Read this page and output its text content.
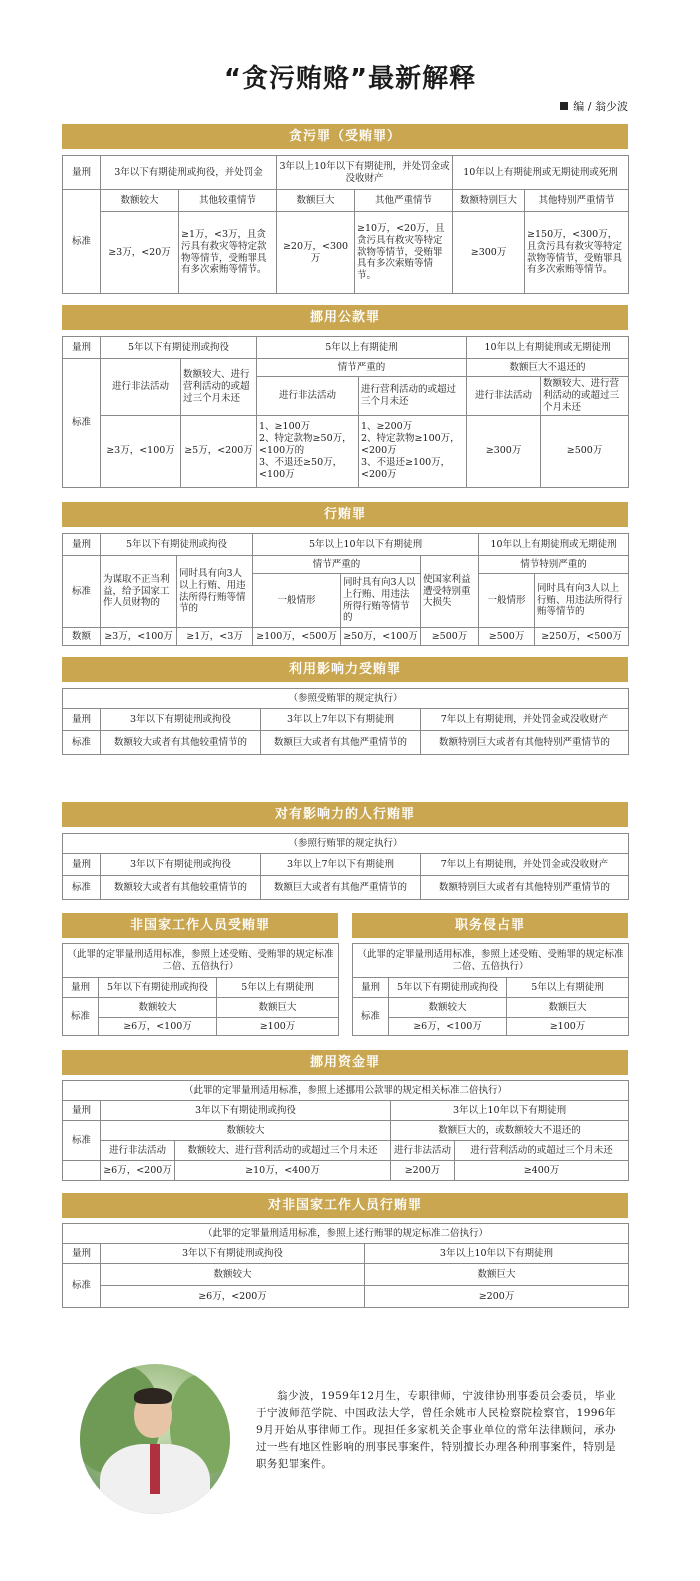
“贪污贿赂”最新解释
编 / 翁少波
贪污罪（受贿罪）
量刑	3年以下有期徒刑或拘役，并处罚金		3年以上10年以下有期徒刑，并处罚金或没收财产		10年以上有期徒刑或无期徒刑或死刑	
标准	数额较大	其他较重情节	数额巨大	其他严重情节	数额特别巨大	其他特别严重情节
	≥3万，<20万	≥1万，<3万，且贪污具有救灾等特定款物等情节，受贿罪具有多次索贿等情节。	≥20万，<300万	≥10万，<20万，且贪污具有救灾等特定款物等情节，受贿罪具有多次索贿等情节。	≥300万	≥150万，<300万，且贪污具有救灾等特定款物等情节，受贿罪具有多次索贿等情节。
挪用公款罪
量刑	5年以下有期徒刑或拘役		5年以上有期徒刑		10年以上有期徒刑或无期徒刑	
标准	进行非法活动	数额较大、进行营利活动的或超过三个月未还	情节严重的		数额巨大不退还的	
			进行非法活动	进行营利活动的或超过三个月未还	进行非法活动	数额较大、进行营利活动的或超过三个月未还
	≥3万，<100万	≥5万，<200万	1、≥100万
2、特定款物≥50万，<100万的
3、不退还≥50万，<100万	1、≥200万
2、特定款物≥100万，<200万
3、不退还≥100万，<200万	≥300万	≥500万
行贿罪
量刑	5年以下有期徒刑或拘役		5年以上10年以下有期徒刑			10年以上有期徒刑或无期徒刑	
标准	为谋取不正当利益，给予国家工作人员财物的	同时具有向3人以上行贿、用违法所得行贿等情节的	情节严重的		使国家利益遭受特别重大损失	情节特别严重的	
			一般情形	同时具有向3人以上行贿、用违法所得行贿等情节的		一般情形	同时具有向3人以上行贿、用违法所得行贿等情节的
数额	≥3万，<100万	≥1万，<3万	≥100万，<500万	≥50万，<100万	≥500万	≥500万	≥250万，<500万
利用影响力受贿罪
（参照受贿罪的规定执行）			
量刑	3年以下有期徒刑或拘役	3年以上7年以下有期徒刑	7年以上有期徒刑，并处罚金或没收财产
标准	数额较大或者有其他较重情节的	数额巨大或者有其他严重情节的	数额特别巨大或者有其他特别严重情节的
对有影响力的人行贿罪
（参照行贿罪的规定执行）			
量刑	3年以下有期徒刑或拘役	3年以上7年以下有期徒刑	7年以上有期徒刑，并处罚金或没收财产
标准	数额较大或者有其他较重情节的	数额巨大或者有其他严重情节的	数额特别巨大或者有其他特别严重情节的
非国家工作人员受贿罪
（此罪的定罪量刑适用标准，参照上述受贿、受贿罪的规定标准二倍、五倍执行）		
量刑	5年以下有期徒刑或拘役	5年以上有期徒刑
标准	数额较大	数额巨大
	≥6万，<100万	≥100万
职务侵占罪
（此罪的定罪量刑适用标准，参照上述受贿、受贿罪的规定标准二倍、五倍执行）		
量刑	5年以下有期徒刑或拘役	5年以上有期徒刑
标准	数额较大	数额巨大
	≥6万，<100万	≥100万
挪用资金罪
（此罪的定罪量刑适用标准，参照上述挪用公款罪的规定相关标准二倍执行）				
量刑	3年以下有期徒刑或拘役		3年以上10年以下有期徒刑	
标准	数额较大		数额巨大的，或数额较大不退还的	
	进行非法活动	数额较大、进行营利活动的或超过三个月未还	进行非法活动	进行营利活动的或超过三个月未还
	≥6万，<200万	≥10万，<400万	≥200万	≥400万
对非国家工作人员行贿罪
（此罪的定罪量刑适用标准，参照上述行贿罪的规定标准二倍执行）		
量刑	3年以下有期徒刑或拘役	3年以上10年以下有期徒刑
标准	数额较大	数额巨大
	≥6万，<200万	≥200万

翁少波，1959年12月生，专职律师，宁波律协刑事委员会委员，毕业于宁波师范学院、中国政法大学，曾任余姚市人民检察院检察官，1996年9月开始从事律师工作。现担任多家机关企事业单位的常年法律顾问，承办过一些有地区性影响的刑事民事案件，特别擅长办理各种刑事案件，特别是职务犯罪案件。
